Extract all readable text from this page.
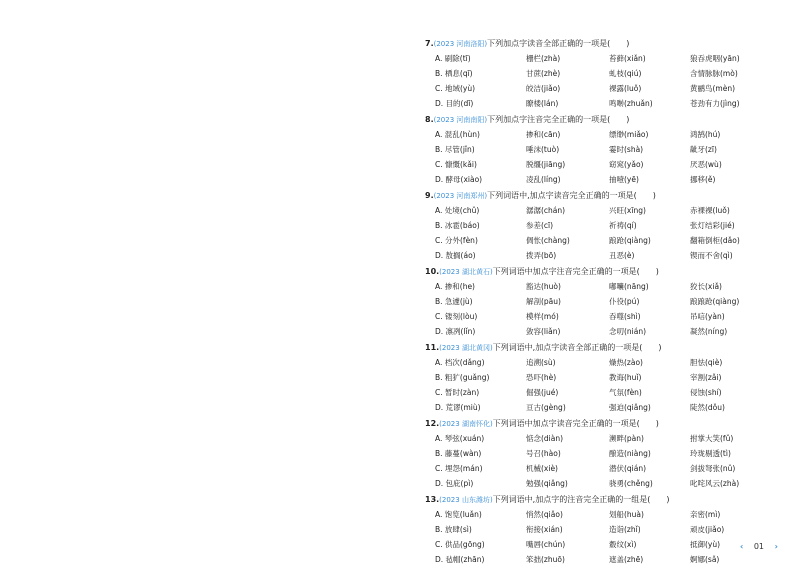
7.(2023 河南洛阳)下列加点字读音全部正确的一项是(　　)
A. 刷除(tī)	栅栏(zhà)	苔藓(xiǎn)	狼吞虎咽(yān)
B. 栖息(qī)	甘蔗(zhè)	虬枝(qiú)	含情脉脉(mò)
C. 地域(yù)	皎洁(jiǎo)	裸露(luǒ)	黄鹂鸟(mèn)
D. 目的(dī)	瞭楼(lán)	鸣啭(zhuǎn)	苍劲有力(jìng)
8.(2023 河南南阳)下列加点字注音完全正确的一项是(　　)
A. 混乱(hùn)	掺和(cān)	缥缈(miǎo)	鸿鹄(hú)
B. 尽管(jǐn)	唾沫(tuò)	霎时(shà)	龇牙(zī)
C. 慷慨(kǎi)	脱缰(jiāng)	窈窕(yǎo)	厌恶(wù)
D. 酵母(xiào)	凌乱(líng)	抽噎(yē)	挪移(ě)
9.(2023 河南郑州)下列词语中,加点字读音完全正确的一项是(　　)
A. 处境(chǔ)	潺潺(chán)	兴旺(xīng)	赤裸裸(luǒ)
B. 冰雹(báo)	参差(cī)	祈祷(qí)	张灯结彩(jié)
C. 分外(fèn)	倜怅(chàng)	踉跄(qiàng)	翻箱倒柜(dǎo)
D. 敖搁(áo)	拨弄(bō)	丑恶(è)	锲而不舍(qì)
10.(2023 湖北黄石)下列词语中加点字注音完全正确的一项是(　　)
A. 掺和(he)	豁达(huò)	嘟囔(nāng)	狡长(xiǎ)
B. 急遽(jù)	解剖(pāu)	仆役(pú)	踉踉跄(qiàng)
C. 镂刻(lòu)	模样(mó)	吞噬(shì)	吊唁(yàn)
D. 凛冽(lǐn)	敛容(liǎn)	念叨(nián)	凝然(níng)
11.(2023 湖北黄冈)下列词语中,加点字读音全部正确的一项是(　　)
A. 档次(dǎng)	追溯(sù)	燥热(zào)	胆怯(qiè)
B. 粗犷(guǎng)	恐吓(hè)	教诲(huǐ)	宰割(zǎi)
C. 暂时(zàn)	倔强(jué)	气氛(fèn)	侵蚀(shí)
D. 荒谬(miù)	亘古(gèng)	强迫(qiǎng)	陡然(dǒu)
12.(2023 湖南怀化)下列词语中加点字读音完全正确的一项是(　　)
A. 琴弦(xuán)	惦念(diàn)	濒畔(pàn)	拊掌大笑(fǔ)
B. 藤蔓(wàn)	号召(hào)	酿造(niàng)	玲珑剔透(tì)
C. 埋怨(mán)	机械(xiè)	潜伏(qián)	剑拔弩张(nǔ)
D. 包庇(pì)	勉强(qiǎng)	骁勇(chěng)	叱咤风云(zhà)
13.(2023 山东潍坊)下列词语中,加点字的注音完全正确的一组是(　　)
A. 饱览(luǎn)	悄然(qiǎo)	划船(huà)	亲密(mì)
B. 放肆(sì)	衔接(xián)	造诣(zhǐ)	顽皮(jiǎo)
C. 供品(gōng)	嘴唇(chún)	縠纹(xì)	抵御(yù)
D. 毡帽(zhān)	笨拙(zhuō)	遮盖(zhē)	婀娜(sǎ)
‹ 01 ›
